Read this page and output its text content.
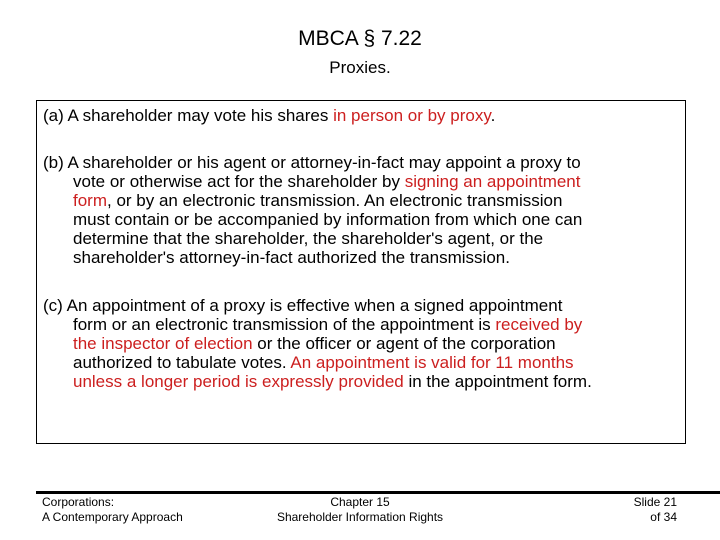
MBCA § 7.22
Proxies.
(a) A shareholder may vote his shares in person or by proxy.
(b) A shareholder or his agent or attorney-in-fact may appoint a proxy to
vote or otherwise act for the shareholder by signing an appointment
form, or by an electronic transmission. An electronic transmission
must contain or be accompanied by information from which one can
determine that the shareholder, the shareholder's agent, or the
shareholder's attorney-in-fact authorized the transmission.
(c) An appointment of a proxy is effective when a signed appointment
form or an electronic transmission of the appointment is received by
the inspector of election or the officer or agent of the corporation
authorized to tabulate votes. An appointment is valid for 11 months
unless a longer period is expressly provided in the appointment form.
Corporations:
A Contemporary Approach
Chapter 15
Shareholder Information Rights
Slide 21
of 34
